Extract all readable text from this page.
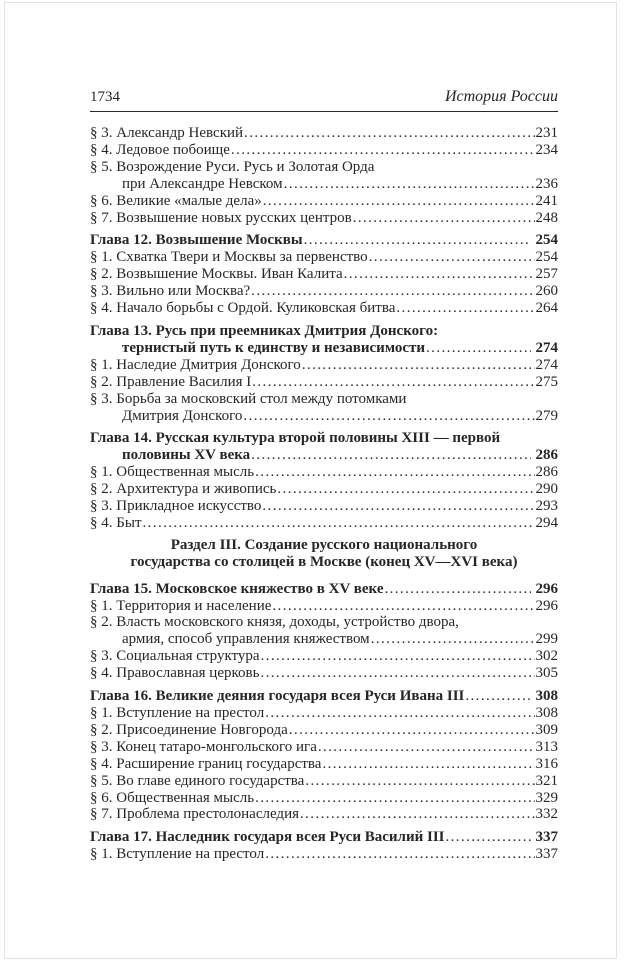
1734	История России
§ 3. Александр Невский .....	231
§ 4. Ледовое побоище .....	234
§ 5. Возрождение Руси. Русь и Золотая Орда
при Александре Невском .....	236
§ 6. Великие «малые дела» .....	241
§ 7. Возвышение новых русских центров .....	248
Глава 12. Возвышение Москвы .....	254
§ 1. Схватка Твери и Москвы за первенство .....	254
§ 2. Возвышение Москвы. Иван Калита .....	257
§ 3. Вильно или Москва? .....	260
§ 4. Начало борьбы с Ордой. Куликовская битва .....	264
Глава 13. Русь при преемниках Дмитрия Донского:
тернистый путь к единству и независимости .....	274
§ 1. Наследие Дмитрия Донского .....	274
§ 2. Правление Василия I .....	275
§ 3. Борьба за московский стол между потомками
Дмитрия Донского .....	279
Глава 14. Русская культура второй половины XIII — первой
половины XV века .....	286
§ 1. Общественная мысль .....	286
§ 2. Архитектура и живопись .....	290
§ 3. Прикладное искусство .....	293
§ 4. Быт .....	294
Раздел III. Создание русского национального
государства со столицей в Москве (конец XV—XVI века)
Глава 15. Московское княжество в XV веке .....	296
§ 1. Территория и население .....	296
§ 2. Власть московского князя, доходы, устройство двора,
армия, способ управления княжеством .....	299
§ 3. Социальная структура .....	302
§ 4. Православная церковь .....	305
Глава 16. Великие деяния государя всея Руси Ивана III .....	308
§ 1. Вступление на престол .....	308
§ 2. Присоединение Новгорода .....	309
§ 3. Конец татаро-монгольского ига .....	313
§ 4. Расширение границ государства .....	316
§ 5. Во главе единого государства .....	321
§ 6. Общественная мысль .....	329
§ 7. Проблема престолонаследия .....	332
Глава 17. Наследник государя всея Руси Василий III .....	337
§ 1. Вступление на престол .....	337
